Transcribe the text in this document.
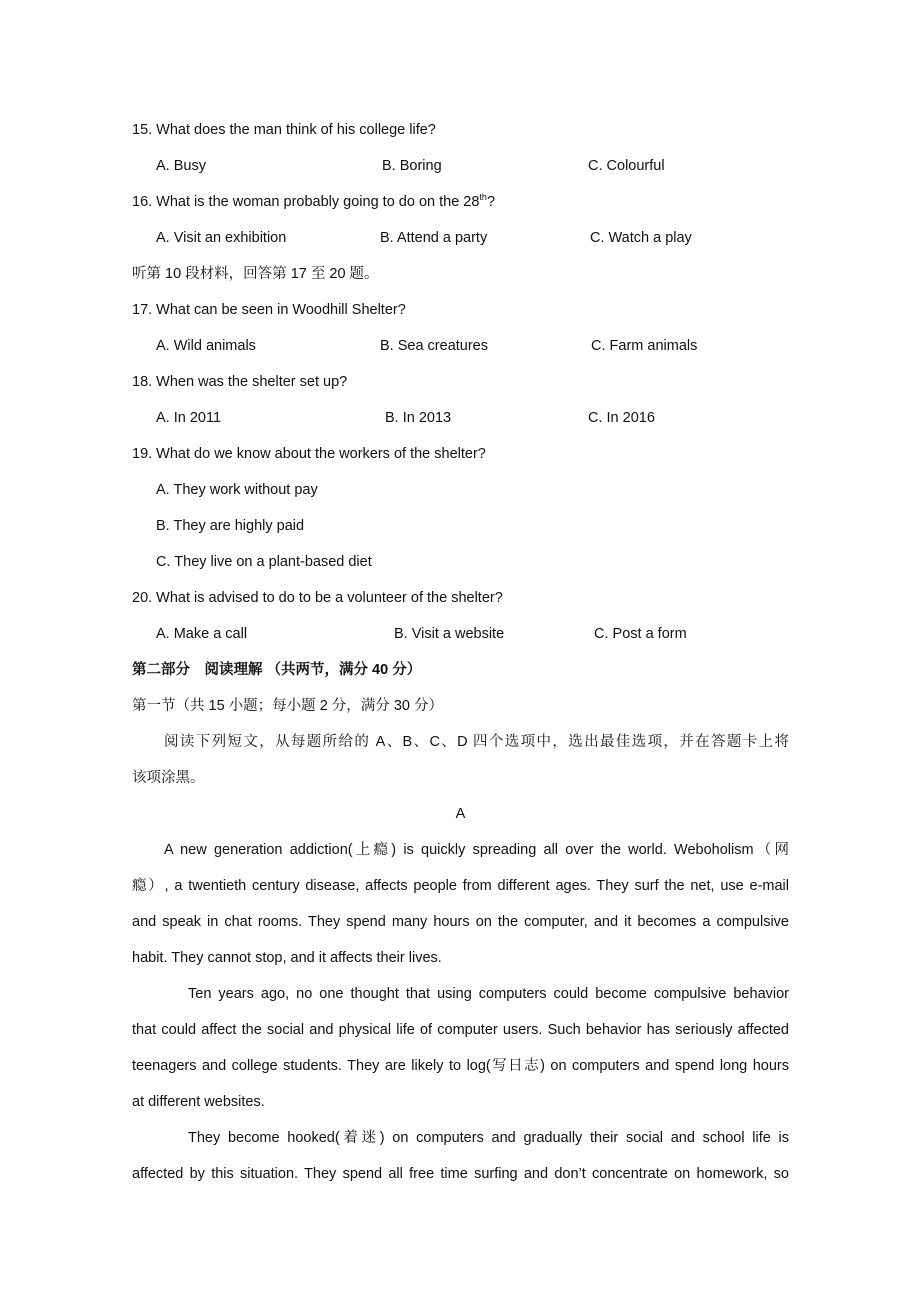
15. What does the man think of his college life?
A. Busy	B. Boring	C. Colourful
16. What is the woman probably going to do on the 28th?
A. Visit an exhibition	B. Attend a party	C. Watch a play
听第 10 段材料，回答第 17 至 20 题。
17. What can be seen in Woodhill Shelter?
A. Wild animals	B. Sea creatures	C. Farm animals
18. When was the shelter set up?
A. In 2011	B. In 2013	C. In 2016
19. What do we know about the workers of the shelter?
A. They work without pay
B. They are highly paid
C. They live on a plant-based diet
20. What is advised to do to be a volunteer of the shelter?
A. Make a call	B. Visit a website	C. Post a form
第二部分　阅读理解 （共两节，满分 40 分）
第一节（共 15 小题；每小题 2 分，满分 30 分）
阅读下列短文，从每题所给的 A、B、C、D 四个选项中，选出最佳选项，并在答题卡上将
该项涂黑。
A
A new generation addiction(上瘾) is quickly spreading all over the world. Weboholism（网
瘾）, a twentieth century disease, affects people from different ages. They surf the net, use e-mail
and speak in chat rooms. They spend many hours on the computer, and it becomes a compulsive
habit. They cannot stop, and it affects their lives.
Ten years ago, no one thought that using computers could become compulsive behavior
that could affect the social and physical life of computer users. Such behavior has seriously affected
teenagers and college students. They are likely to log(写日志) on computers and spend long hours
at different websites.
They become hooked(着迷) on computers and gradually their social and school life is
affected by this situation. They spend all free time surfing and don’t concentrate on homework, so
